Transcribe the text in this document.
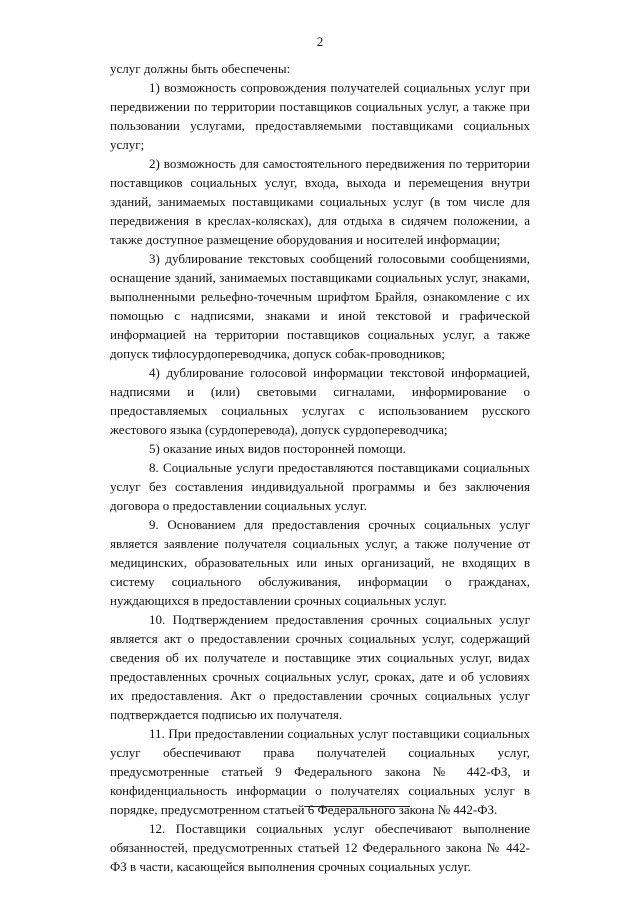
2

услуг должны быть обеспечены:

1) возможность сопровождения получателей социальных услуг при передвижении по территории поставщиков социальных услуг, а также при пользовании услугами, предоставляемыми поставщиками социальных услуг;

2) возможность для самостоятельного передвижения по территории поставщиков социальных услуг, входа, выхода и перемещения внутри зданий, занимаемых поставщиками социальных услуг (в том числе для передвижения в креслах-колясках), для отдыха в сидячем положении, а также доступное размещение оборудования и носителей информации;

3) дублирование текстовых сообщений голосовыми сообщениями, оснащение зданий, занимаемых поставщиками социальных услуг, знаками, выполненными рельефно-точечным шрифтом Брайля, ознакомление с их помощью с надписями, знаками и иной текстовой и графической информацией на территории поставщиков социальных услуг, а также допуск тифлосурдопереводчика, допуск собак-проводников;

4) дублирование голосовой информации текстовой информацией, надписями и (или) световыми сигналами, информирование о предоставляемых социальных услугах с использованием русского жестового языка (сурдоперевода), допуск сурдопереводчика;

5) оказание иных видов посторонней помощи.

8. Социальные услуги предоставляются поставщиками социальных услуг без составления индивидуальной программы и без заключения договора о предоставлении социальных услуг.

9. Основанием для предоставления срочных социальных услуг является заявление получателя социальных услуг, а также получение от медицинских, образовательных или иных организаций, не входящих в систему социального обслуживания, информации о гражданах, нуждающихся в предоставлении срочных социальных услуг.

10. Подтверждением предоставления срочных социальных услуг является акт о предоставлении срочных социальных услуг, содержащий сведения об их получателе и поставщике этих социальных услуг, видах предоставленных срочных социальных услуг, сроках, дате и об условиях их предоставления. Акт о предоставлении срочных социальных услуг подтверждается подписью их получателя.

11. При предоставлении социальных услуг поставщики социальных услуг обеспечивают права получателей социальных услуг, предусмотренные статьей 9 Федерального закона № 442-ФЗ, и конфиденциальность информации о получателях социальных услуг в порядке, предусмотренном статьей 6 Федерального закона № 442-ФЗ.

12. Поставщики социальных услуг обеспечивают выполнение обязанностей, предусмотренных статьей 12 Федерального закона № 442-ФЗ в части, касающейся выполнения срочных социальных услуг.
